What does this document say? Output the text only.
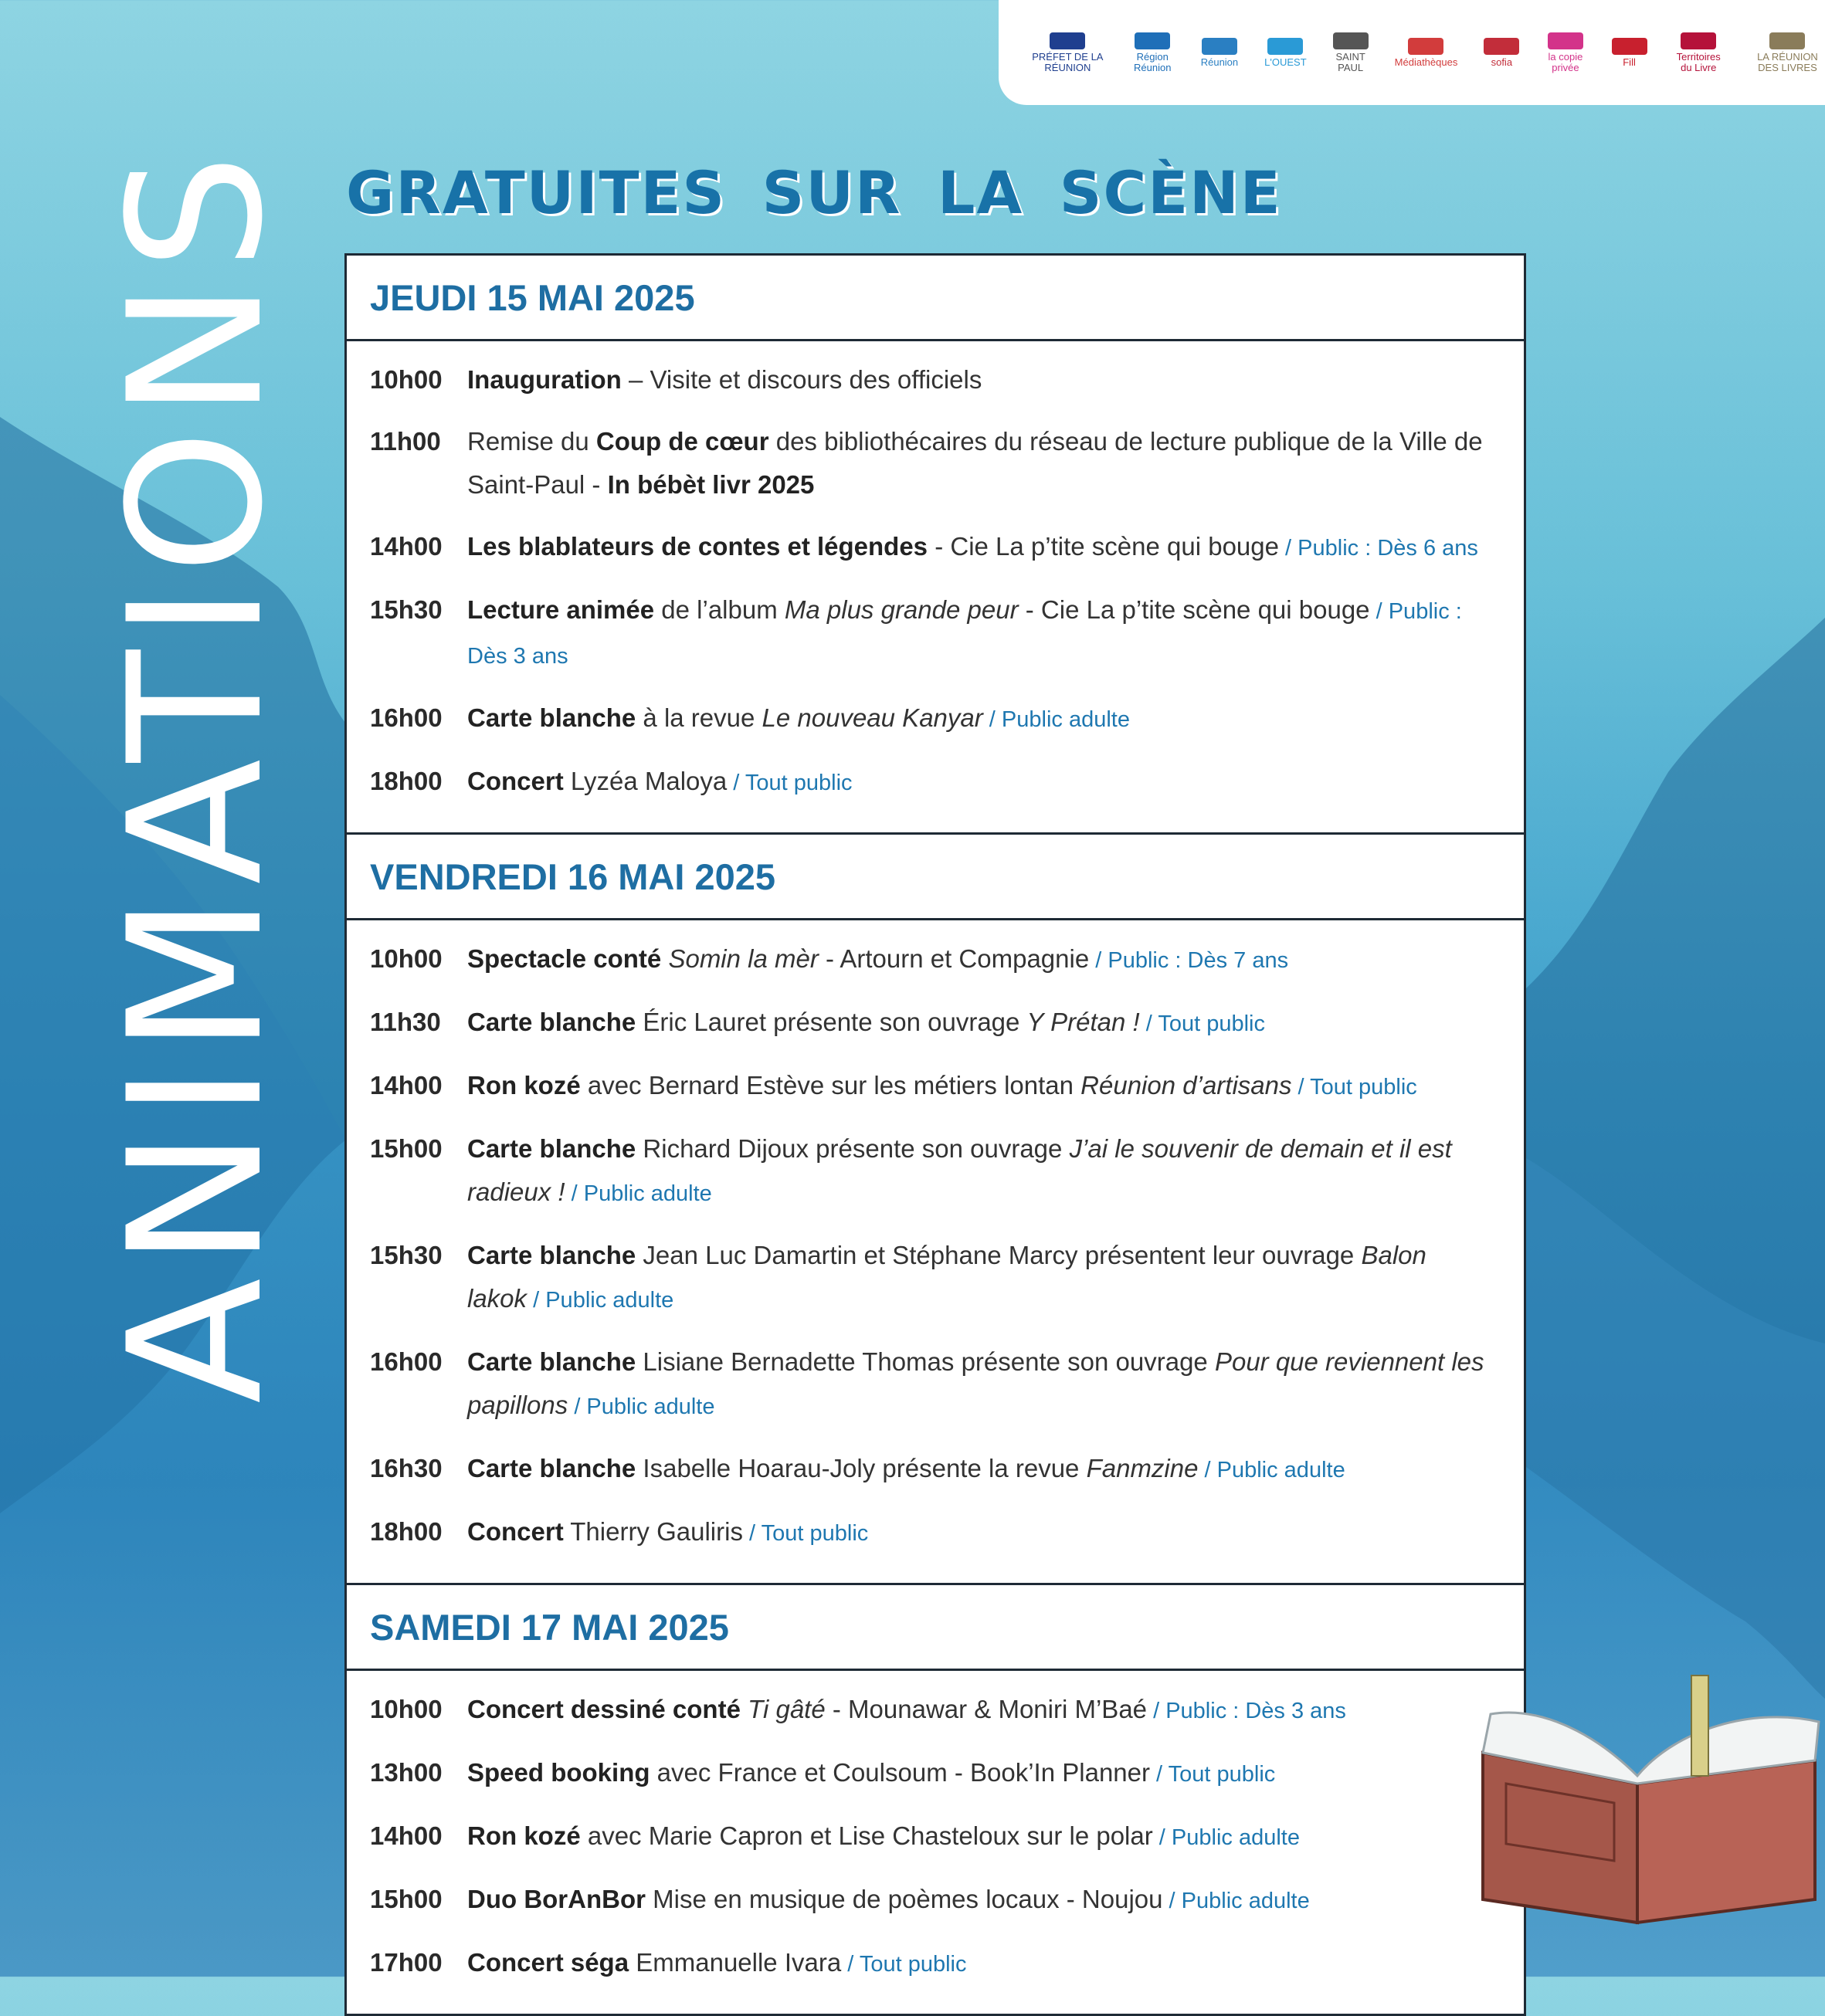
PRÉFET DE LA RÉUNION
Région Réunion	Réunion	L'OUEST	SAINT PAUL	Médiathèques	sofia	la copie privée	Fill	Territoires du Livre
LA RÉUNION DES LIVRES
ANIMATIONS GRATUITES SUR LA SCÈNE
JEUDI 15 MAI 2025
10h00 Inauguration – Visite et discours des officiels
11h00	Remise du Coup de cœur des bibliothécaires du réseau de lecture publique de la Ville de Saint-Paul - In bébèt livr 2025
14h00 Les blablateurs de contes et légendes - Cie La p’tite scène qui bouge / Public : Dès 6 ans
15h30 Lecture animée de l’album Ma plus grande peur - Cie La p’tite scène qui bouge / Public : Dès 3 ans
16h00 Carte blanche à la revue Le nouveau Kanyar / Public adulte
18h00 Concert Lyzéa Maloya / Tout public
VENDREDI 16 MAI 2025
10h00 Spectacle conté Somin la mèr - Artourn et Compagnie / Public : Dès 7 ans
11h30	Carte blanche Éric Lauret présente son ouvrage Y Prétan ! / Tout public
14h00 Ron kozé avec Bernard Estève sur les métiers lontan Réunion d’artisans / Tout public
15h00 Carte blanche Richard Dijoux présente son ouvrage J’ai le souvenir de demain et il est radieux ! / Public adulte
15h30 Carte blanche Jean Luc Damartin et Stéphane Marcy présentent leur ouvrage Balon lakok / Public adulte
16h00 Carte blanche Lisiane Bernadette Thomas présente son ouvrage Pour que reviennent les papillons / Public adulte
16h30 Carte blanche Isabelle Hoarau-Joly présente la revue Fanmzine / Public adulte
18h00 Concert Thierry Gauliris / Tout public
SAMEDI 17 MAI 2025
10h00 Concert dessiné conté Ti gâté - Mounawar & Moniri M’Baé / Public : Dès 3 ans
13h00 Speed booking avec France et Coulsoum - Book’In Planner / Tout public
14h00 Ron kozé avec Marie Capron et Lise Chasteloux sur le polar / Public adulte
15h00 Duo BorAnBor Mise en musique de poèmes locaux - Noujou / Public adulte
17h00 Concert séga Emmanuelle Ivara / Tout public
